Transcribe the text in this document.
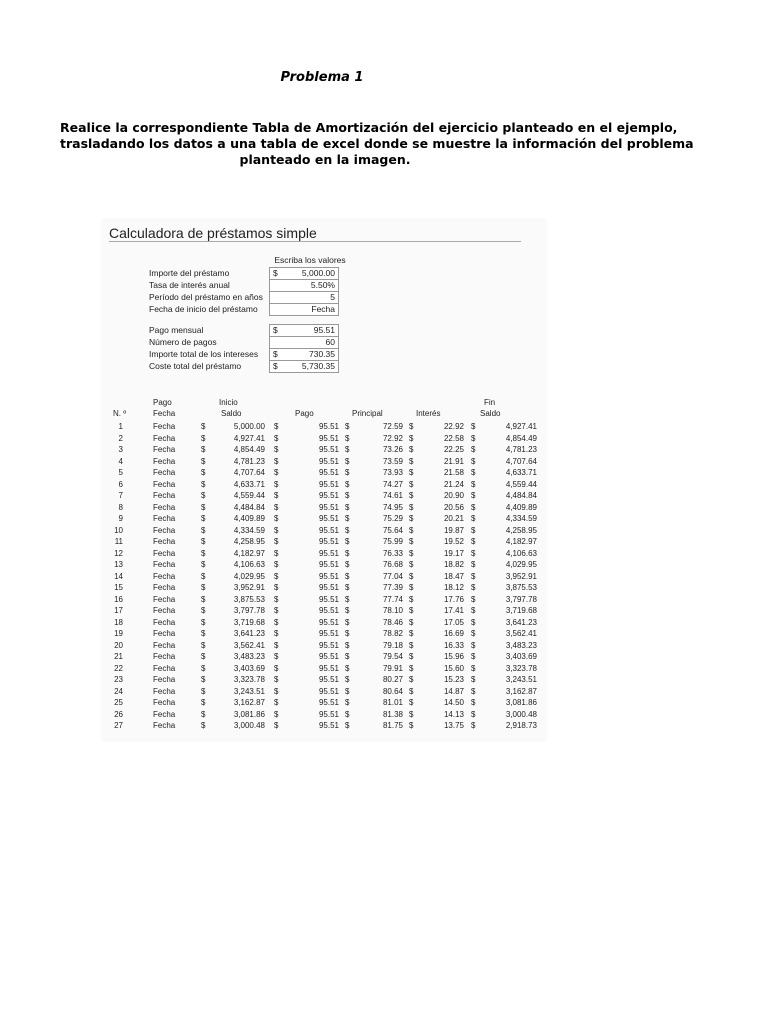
Problema 1
Realice la correspondiente Tabla de Amortización del ejercicio planteado en el ejemplo,
trasladando los datos a una tabla de excel donde se muestre la información del problema
planteado en la imagen.
Calculadora de préstamos simple
Escriba los valores
Importe del préstamo	$	5,000.00
Tasa de interés anual	5.50%
Período del préstamo en años	5
Fecha de inicio del préstamo	Fecha
Pago mensual	$	95.51
Número de pagos	60
Importe total de los intereses $	730.35
Coste total del préstamo	$	5,730.35
Pago	Inicio	Fin
N. º	Fecha	Saldo	Pago	Principal	Interés	Saldo
1	Fecha	$	5,000.00 $	95.51 $	72.59 $	22.92 $	4,927.41
2	Fecha	$	4,927.41 $	95.51 $	72.92 $	22.58 $	4,854.49
3	Fecha	$	4,854.49 $	95.51 $	73.26 $	22.25 $	4,781.23
4	Fecha	$	4,781.23 $	95.51 $	73.59 $	21.91 $	4,707.64
5	Fecha	$	4,707.64 $	95.51 $	73.93 $	21.58 $	4,633.71
6	Fecha	$	4,633.71 $	95.51 $	74.27 $	21.24 $	4,559.44
7	Fecha	$	4,559.44 $	95.51 $	74.61 $	20.90 $	4,484.84
8	Fecha	$	4,484.84 $	95.51 $	74.95 $	20.56 $	4,409.89
9	Fecha	$	4,409.89 $	95.51 $	75.29 $	20.21 $	4,334.59
10	Fecha	$	4,334.59 $	95.51 $	75.64 $	19.87 $	4,258.95
11	Fecha	$	4,258.95 $	95.51 $	75.99 $	19.52 $	4,182.97
12	Fecha	$	4,182.97 $	95.51 $	76.33 $	19.17 $	4,106.63
13	Fecha	$	4,106.63 $	95.51 $	76.68 $	18.82 $	4,029.95
14	Fecha	$	4,029.95 $	95.51 $	77.04 $	18.47 $	3,952.91
15	Fecha	$	3,952.91 $	95.51 $	77.39 $	18.12 $	3,875.53
16	Fecha	$	3,875.53 $	95.51 $	77.74 $	17.76 $	3,797.78
17	Fecha	$	3,797.78 $	95.51 $	78.10 $	17.41 $	3,719.68
18	Fecha	$	3,719.68 $	95.51 $	78.46 $	17.05 $	3,641.23
19	Fecha	$	3,641.23 $	95.51 $	78.82 $	16.69 $	3,562.41
20	Fecha	$	3,562.41 $	95.51 $	79.18 $	16.33 $	3,483.23
21	Fecha	$	3,483.23 $	95.51 $	79.54 $	15.96 $	3,403.69
22	Fecha	$	3,403.69 $	95.51 $	79.91 $	15.60 $	3,323.78
23	Fecha	$	3,323.78 $	95.51 $	80.27 $	15.23 $	3,243.51
24	Fecha	$	3,243.51 $	95.51 $	80.64 $	14.87 $	3,162.87
25	Fecha	$	3,162.87 $	95.51 $	81.01 $	14.50 $	3,081.86
26	Fecha	$	3,081.86 $	95.51 $	81.38 $	14.13 $	3,000.48
27	Fecha	$	3,000.48 $	95.51 $	81.75 $	13.75 $	2,918.73
